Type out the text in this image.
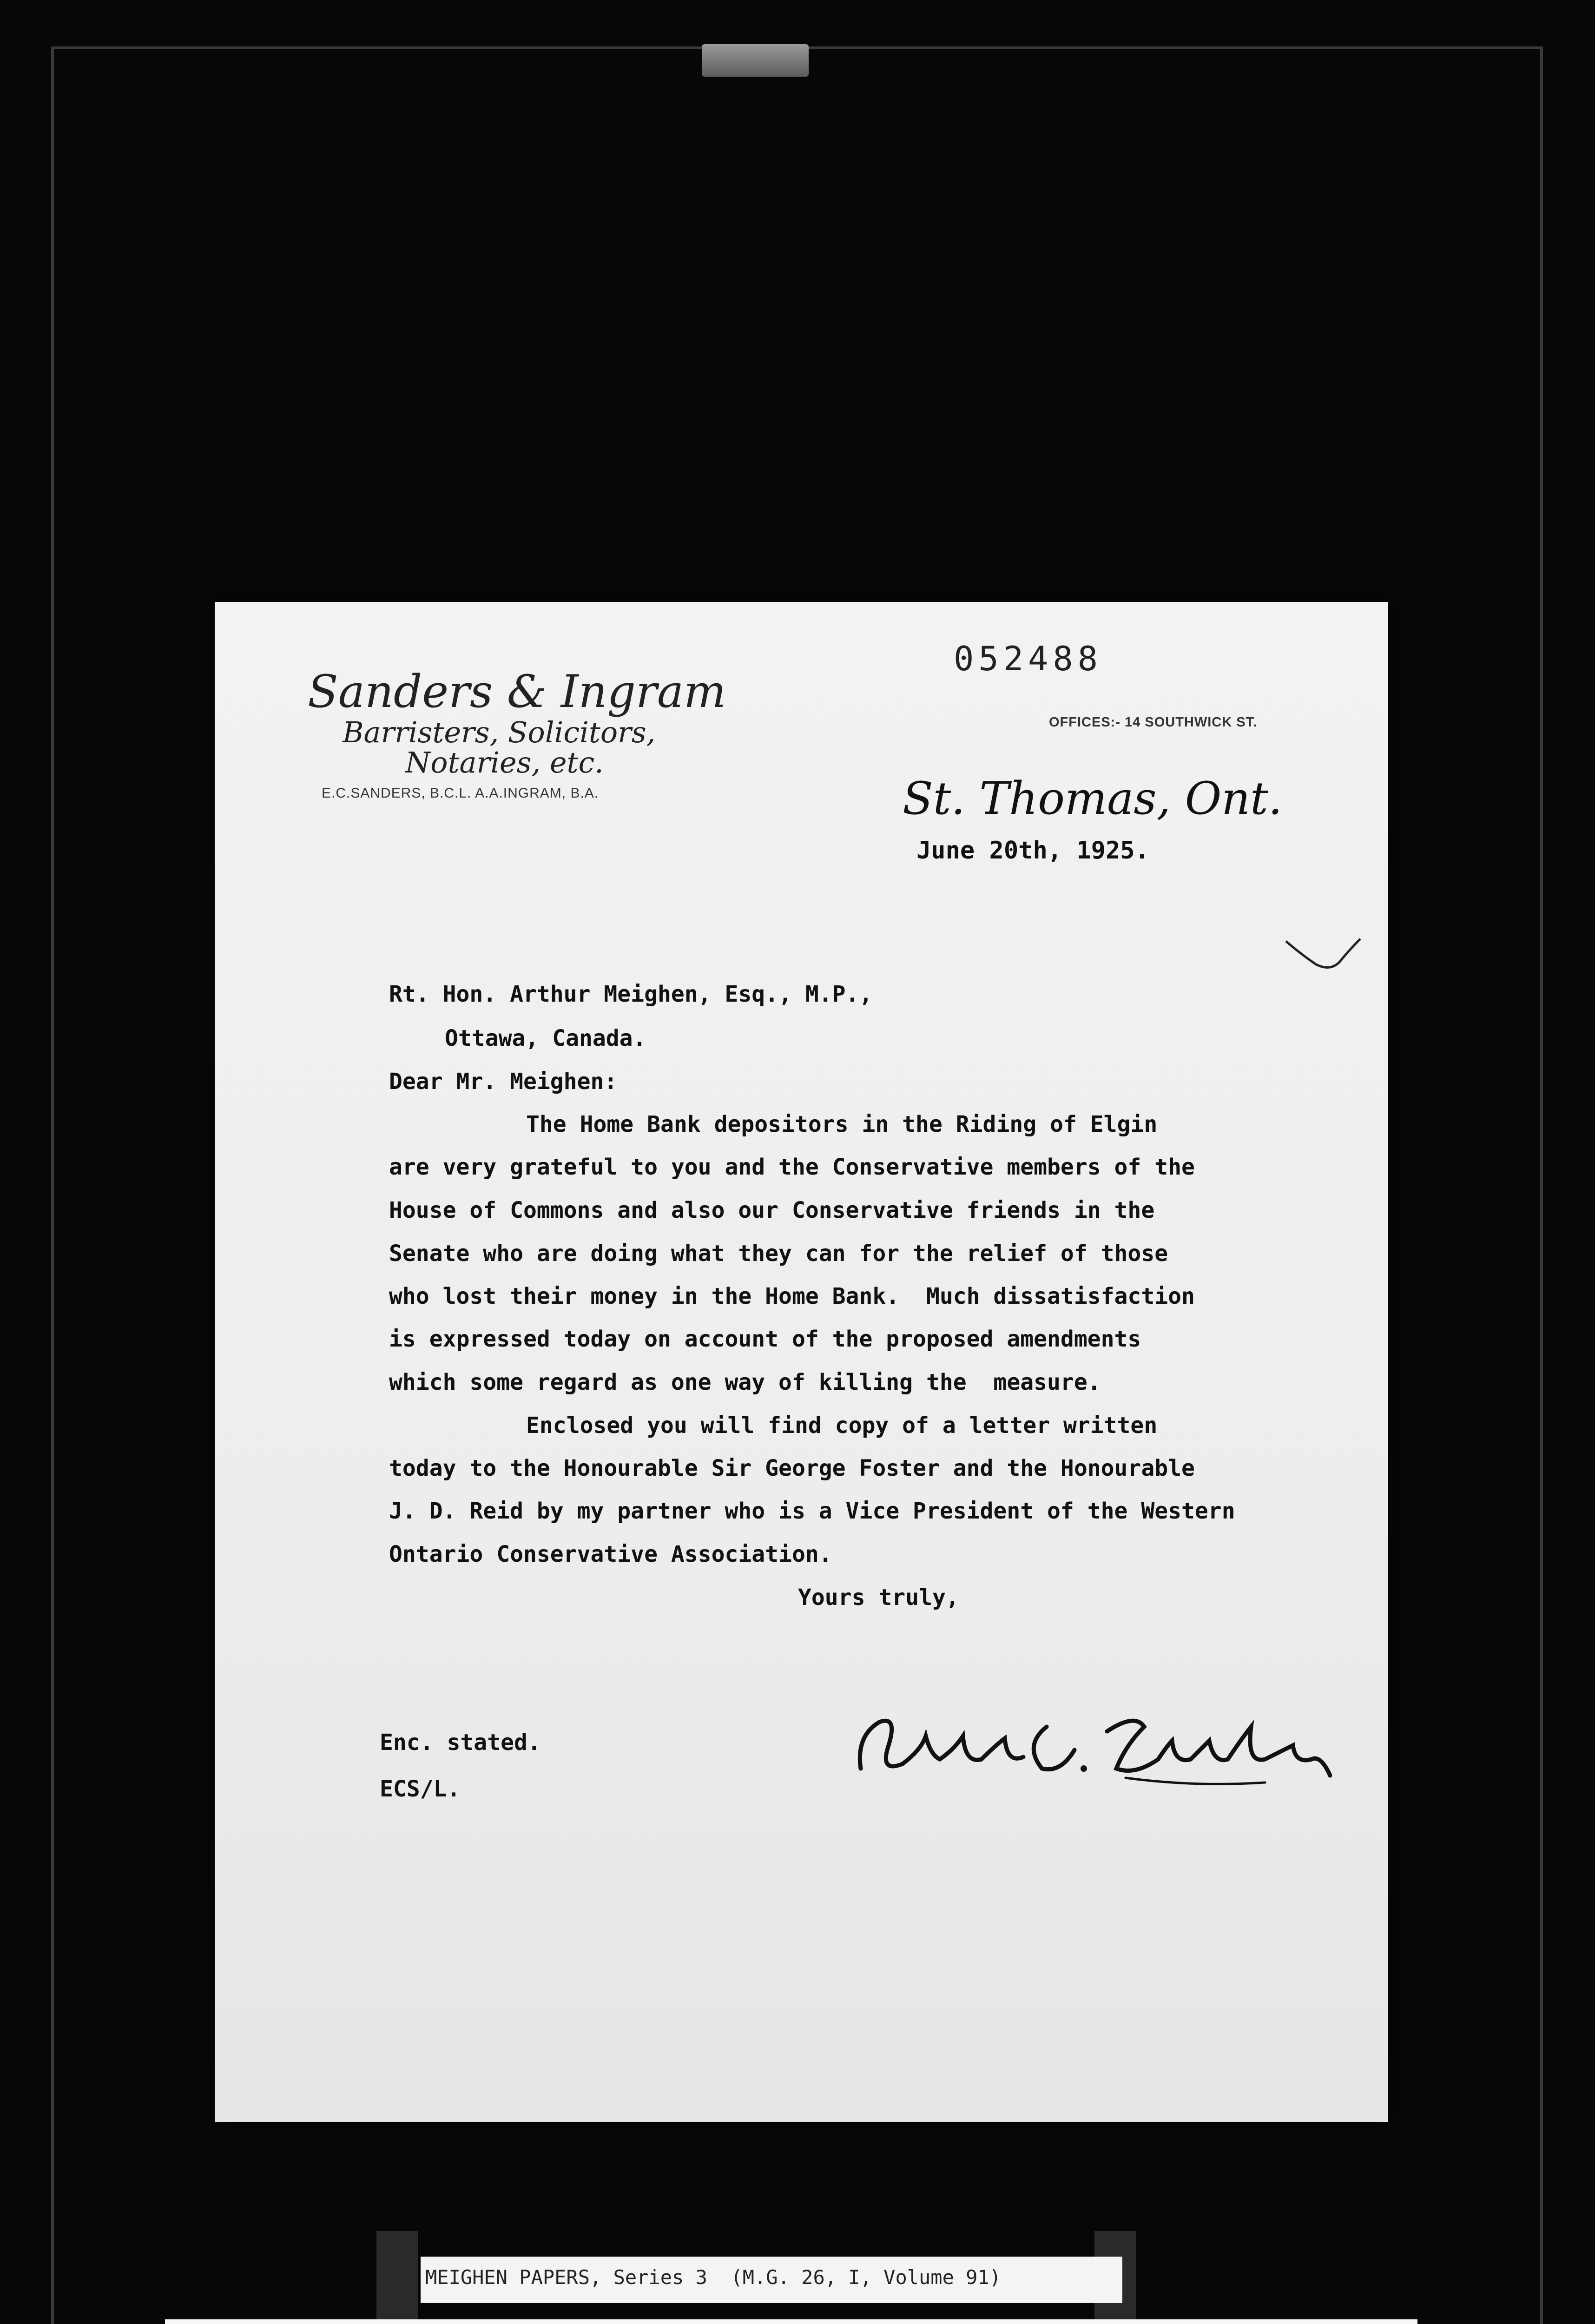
Sanders & Ingram
Barristers, Solicitors,
Notaries, etc.
E.C.SANDERS, B.C.L. A.A.INGRAM, B.A.
052488
OFFICES:- 14 SOUTHWICK ST.
St. Thomas, Ont.
June 20th, 1925.
Rt. Hon. Arthur Meighen, Esq., M.P.,
Ottawa, Canada.
Dear Mr. Meighen:
The Home Bank depositors in the Riding of Elgin
are very grateful to you and the Conservative members of the
House of Commons and also our Conservative friends in the
Senate who are doing what they can for the relief of those
who lost their money in the Home Bank.  Much dissatisfaction
is expressed today on account of the proposed amendments
which some regard as one way of killing the  measure.
Enclosed you will find copy of a letter written
today to the Honourable Sir George Foster and the Honourable
J. D. Reid by my partner who is a Vice President of the Western
Ontario Conservative Association.
Yours truly,
Enc. stated.
ECS/L.
MEIGHEN PAPERS, Series 3  (M.G. 26, I, Volume 91)
